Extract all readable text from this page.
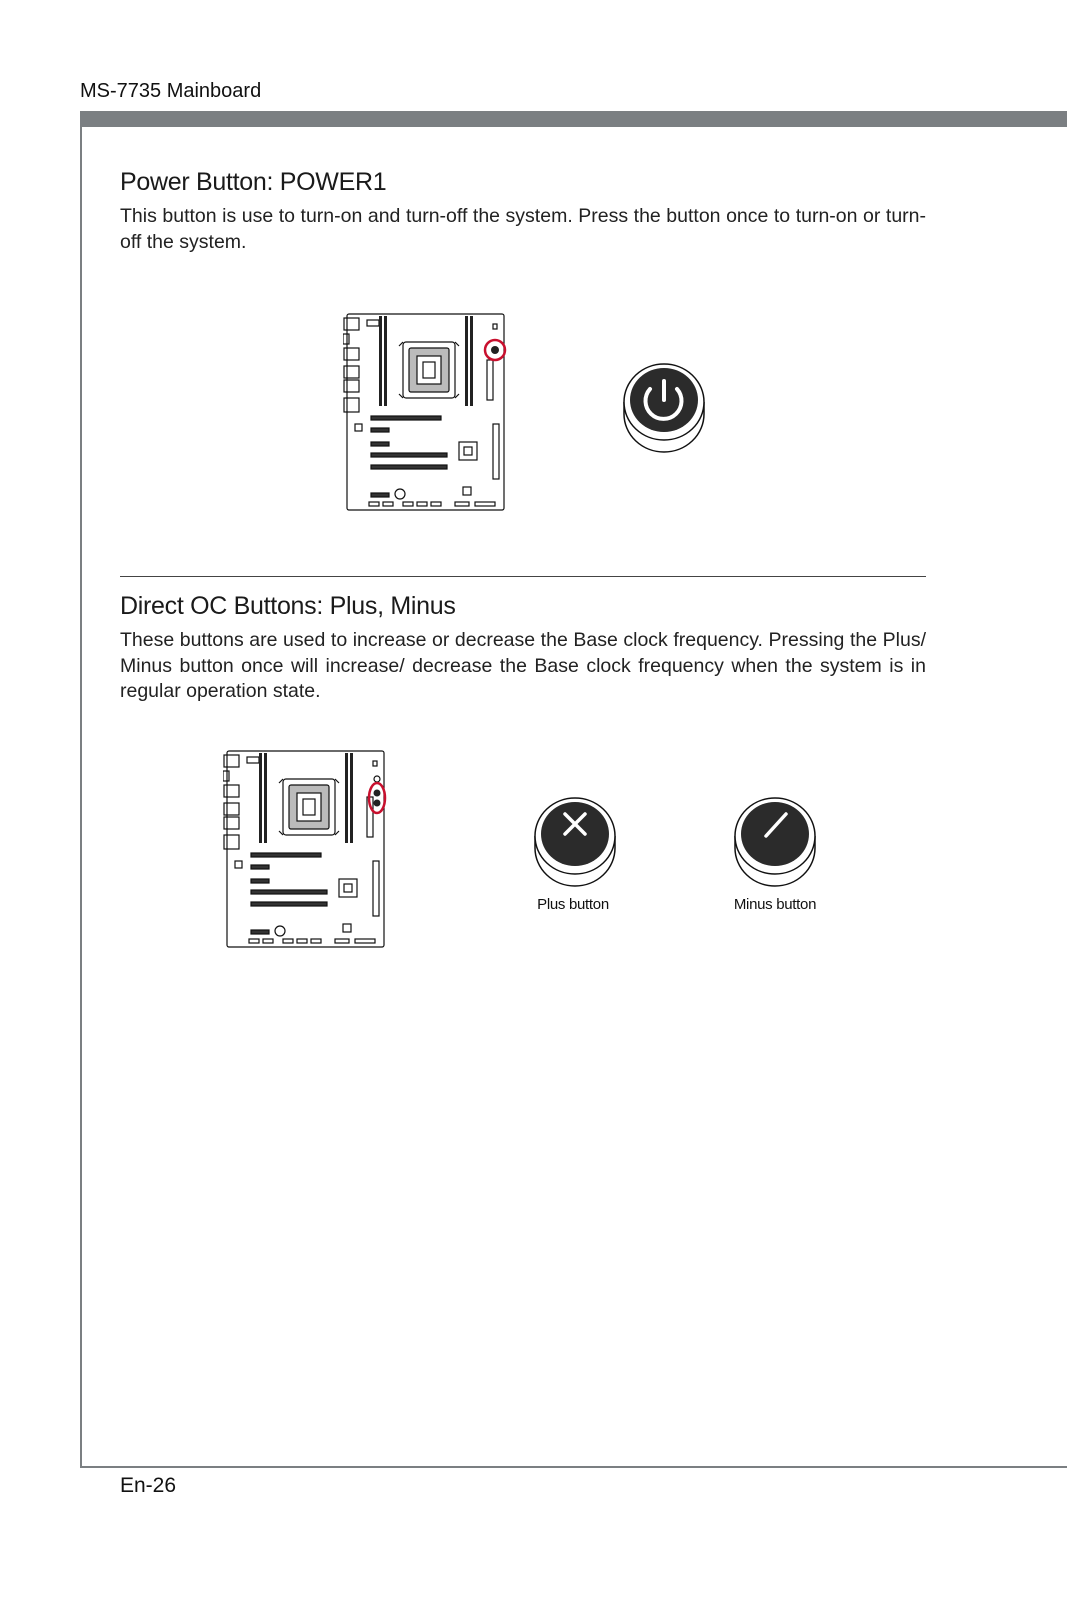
MS-7735 Mainboard
Power Button: POWER1

This button is use to turn-on and turn-off the system. Press the button once to turn-on or turn-off the system.

Direct OC Buttons: Plus, Minus

These buttons are used to increase or decrease the Base clock frequency. Pressing the Plus/ Minus button once will increase/ decrease the Base clock frequency when the system is in regular operation state.

Plus button	Minus button
En-26
